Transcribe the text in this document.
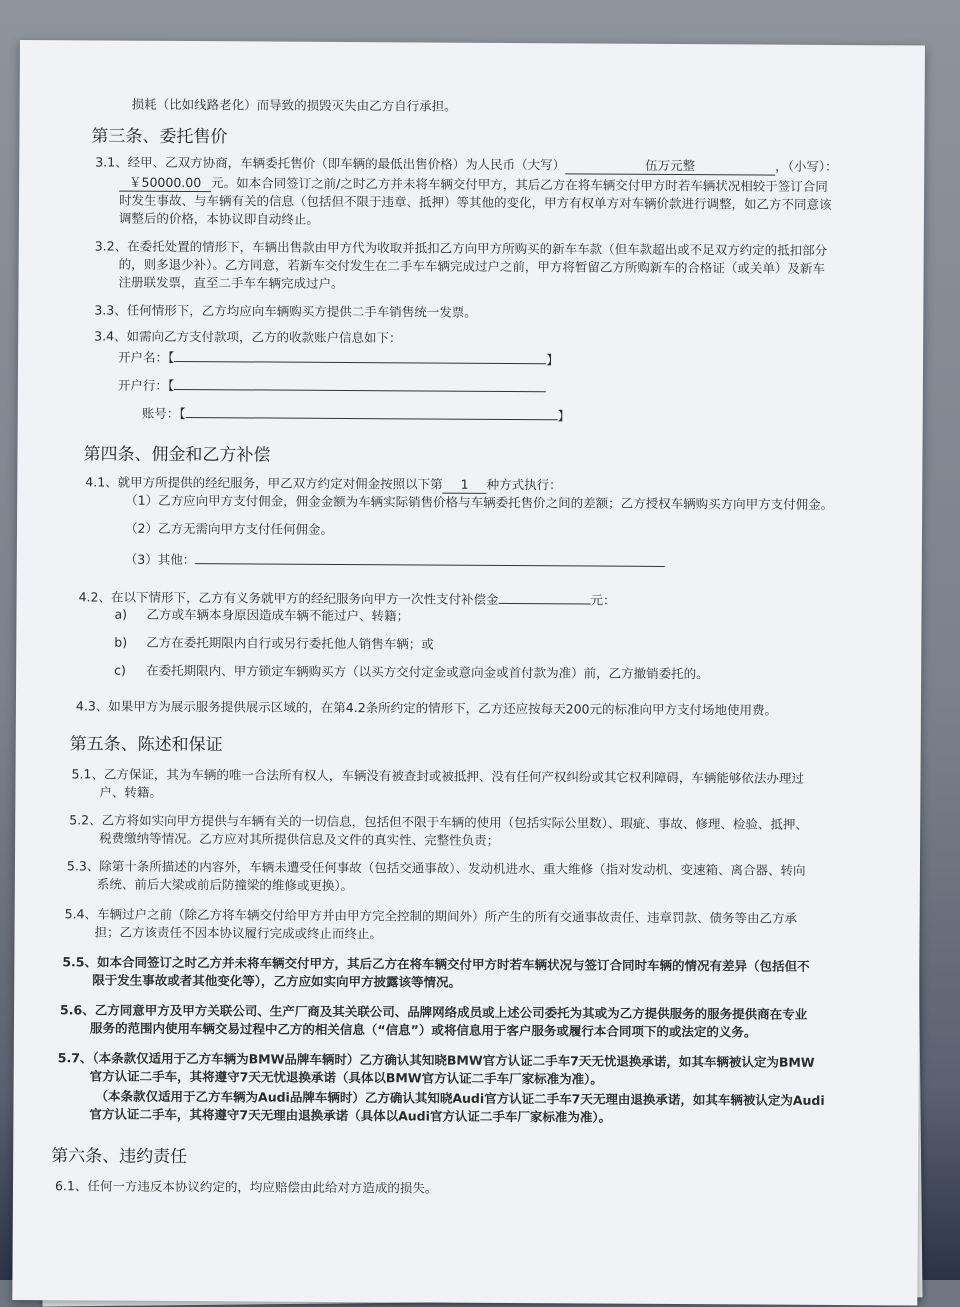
损耗（比如线路老化）而导致的损毁灭失由乙方自行承担。
第三条、委托售价
3.1、经甲、乙双方协商，车辆委托售价（即车辆的最低出售价格）为人民币（大写）	伍万元整	，（小写）：
￥50000.00 元。如本合同签订之前/之时乙方并未将车辆交付甲方，其后乙方在将车辆交付甲方时若车辆状况相较于签订合同
时发生事故、与车辆有关的信息（包括但不限于违章、抵押）等其他的变化，甲方有权单方对车辆价款进行调整，如乙方不同意该
调整后的价格，本协议即自动终止。
3.2、在委托处置的情形下，车辆出售款由甲方代为收取并抵扣乙方向甲方所购买的新车车款（但车款超出或不足双方约定的抵扣部分
的，则多退少补）。乙方同意，若新车交付发生在二手车车辆完成过户之前，甲方将暂留乙方所购新车的合格证（或关单）及新车
注册联发票，直至二手车车辆完成过户。
3.3、任何情形下，乙方均应向车辆购买方提供二手车销售统一发票。
3.4、如需向乙方支付款项，乙方的收款账户信息如下：
开户名：【	】
开户行：【
账号：【	】
第四条、佣金和乙方补偿
4.1、就甲方所提供的经纪服务，甲乙双方约定对佣金按照以下第 1 种方式执行：
（1）乙方应向甲方支付佣金，佣金金额为车辆实际销售价格与车辆委托售价之间的差额；乙方授权车辆购买方向甲方支付佣金。
（2）乙方无需向甲方支付任何佣金。
（3）其他：
4.2、在以下情形下，乙方有义务就甲方的经纪服务向甲方一次性支付补偿金	元：
a) 乙方或车辆本身原因造成车辆不能过户、转籍；
b) 乙方在委托期限内自行或另行委托他人销售车辆；或
c) 在委托期限内、甲方锁定车辆购买方（以买方交付定金或意向金或首付款为准）前，乙方撤销委托的。
4.3、如果甲方为展示服务提供展示区域的，在第4.2条所约定的情形下，乙方还应按每天200元的标准向甲方支付场地使用费。
第五条、陈述和保证
5.1、乙方保证，其为车辆的唯一合法所有权人，车辆没有被查封或被抵押、没有任何产权纠纷或其它权利障碍，车辆能够依法办理过
户、转籍。
5.2、乙方将如实向甲方提供与车辆有关的一切信息，包括但不限于车辆的使用（包括实际公里数）、瑕疵、事故、修理、检验、抵押、
税费缴纳等情况。乙方应对其所提供信息及文件的真实性、完整性负责；
5.3、除第十条所描述的内容外，车辆未遭受任何事故（包括交通事故）、发动机进水、重大维修（指对发动机、变速箱、离合器、转向
系统、前后大梁或前后防撞梁的维修或更换）。
5.4、车辆过户之前（除乙方将车辆交付给甲方并由甲方完全控制的期间外）所产生的所有交通事故责任、违章罚款、债务等由乙方承
担；乙方该责任不因本协议履行完成或终止而终止。
5.5、如本合同签订之时乙方并未将车辆交付甲方，其后乙方在将车辆交付甲方时若车辆状况与签订合同时车辆的情况有差异（包括但不
限于发生事故或者其他变化等），乙方应如实向甲方披露该等情况。
5.6、乙方同意甲方及甲方关联公司、生产厂商及其关联公司、品牌网络成员或上述公司委托为其或为乙方提供服务的服务提供商在专业
服务的范围内使用车辆交易过程中乙方的相关信息（“信息”）或将信息用于客户服务或履行本合同项下的或法定的义务。
5.7、（本条款仅适用于乙方车辆为BMW品牌车辆时）乙方确认其知晓BMW官方认证二手车7天无忧退换承诺，如其车辆被认定为BMW
官方认证二手车，其将遵守7天无忧退换承诺（具体以BMW官方认证二手车厂家标准为准）。
（本条款仅适用于乙方车辆为Audi品牌车辆时）乙方确认其知晓Audi官方认证二手车7天无理由退换承诺，如其车辆被认定为Audi
官方认证二手车，其将遵守7天无理由退换承诺（具体以Audi官方认证二手车厂家标准为准）。
第六条、违约责任
6.1、任何一方违反本协议约定的，均应赔偿由此给对方造成的损失。
